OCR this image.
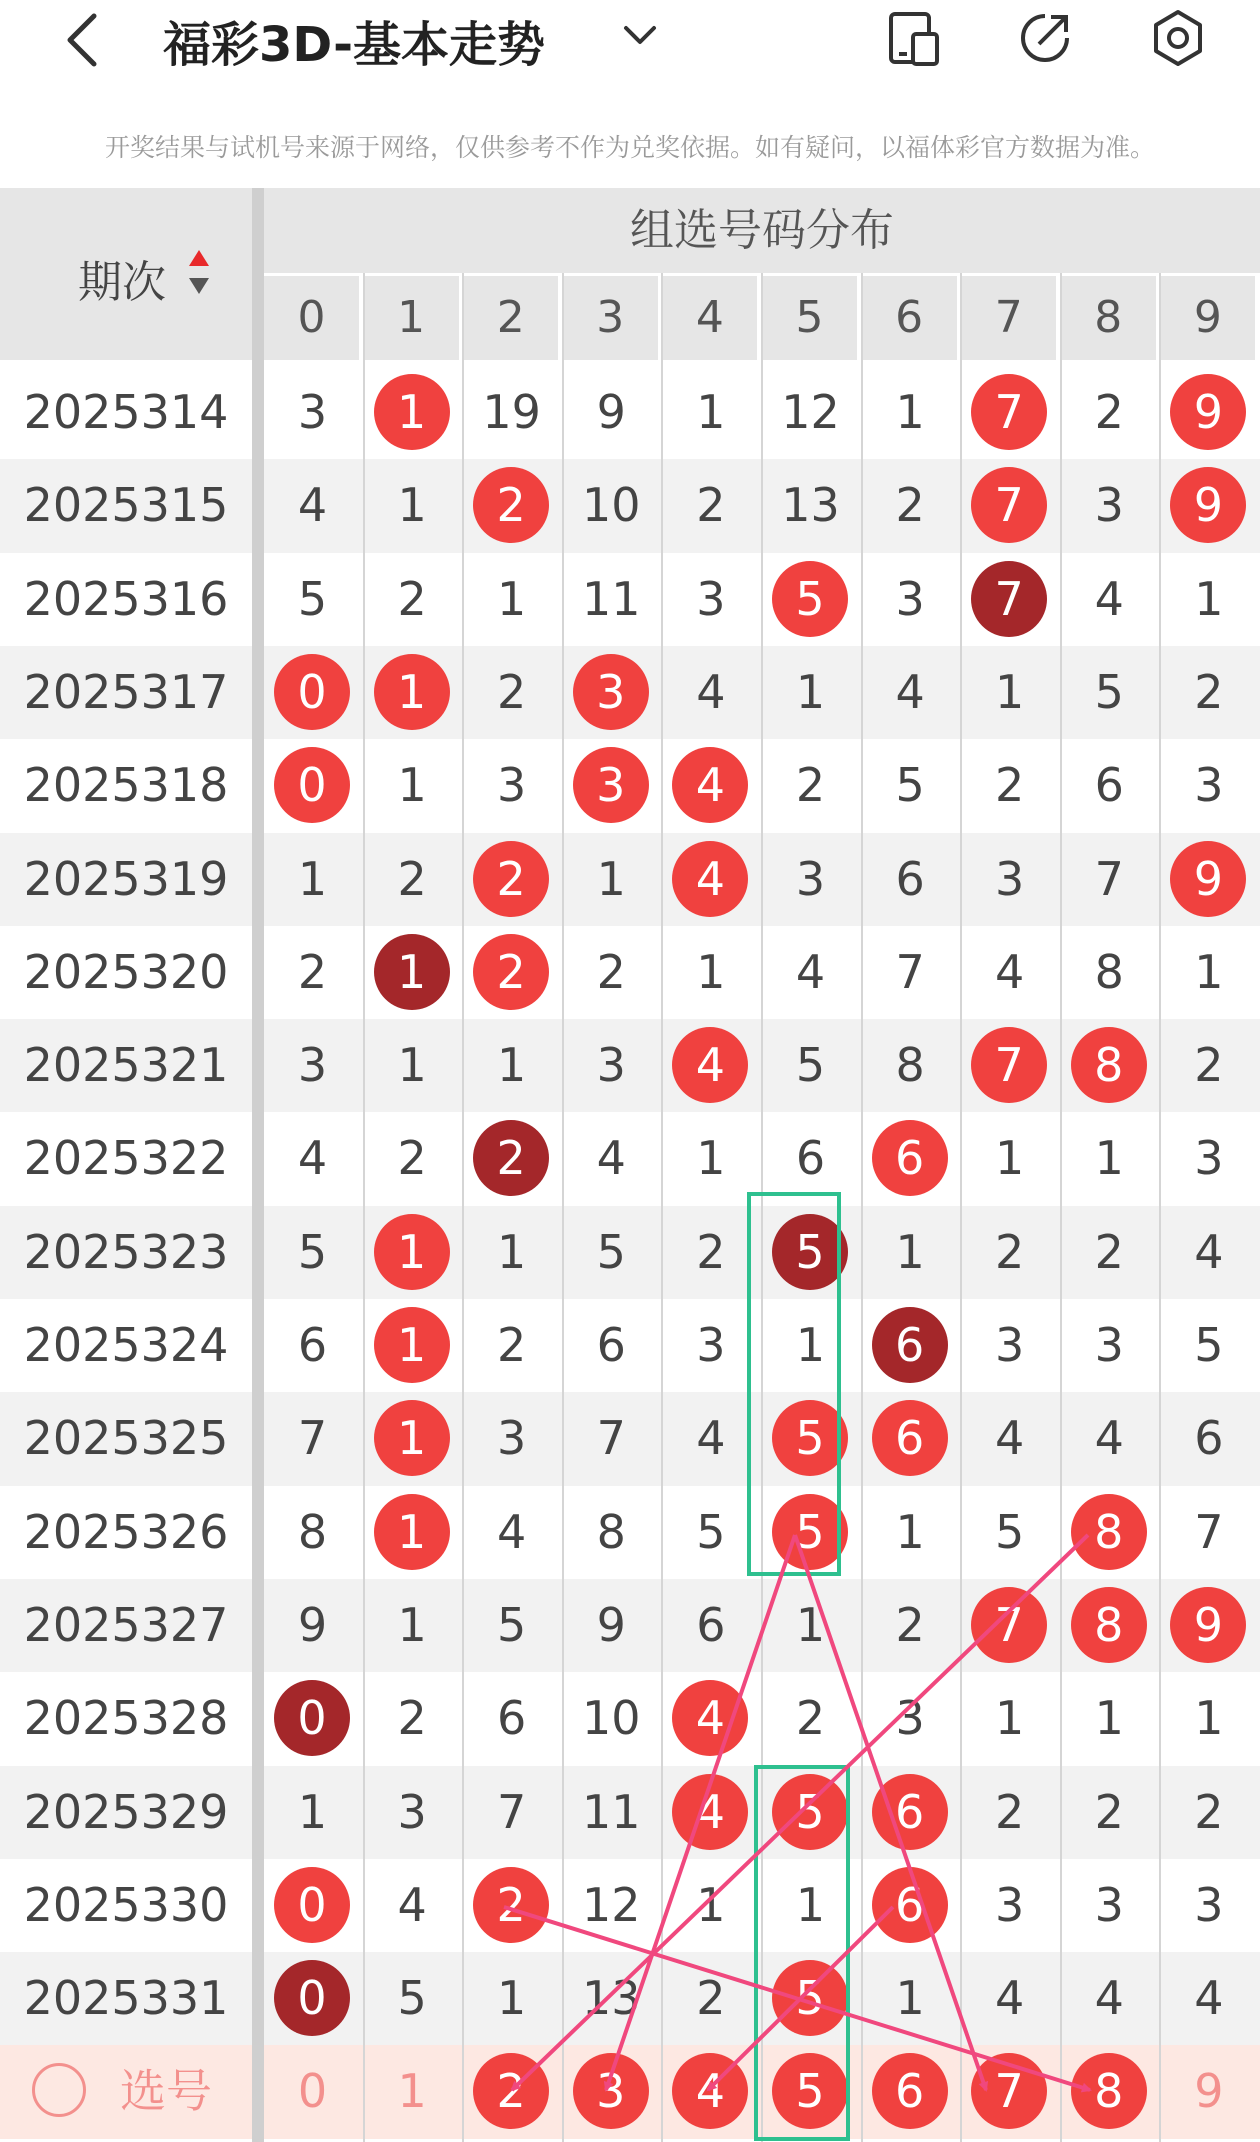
福彩3D-基本走势
开奖结果与试机号来源于网络，仅供参考不作为兑奖依据。如有疑问，以福体彩官方数据为准。
期次
组选号码分布
0	1	2	3	4	5	6	7	8	9
2025314	3	1	19	9	1	12	1	7	2	9
2025315	4	1	2	10	2	13	2	7	3	9
2025316	5	2	1	11	3	5	3	7	4	1
2025317	0	1	2	3	4	1	4	1	5	2
2025318	0	1	3	3	4	2	5	2	6	3
2025319	1	2	2	1	4	3	6	3	7	9
2025320	2	1	2	2	1	4	7	4	8	1
2025321	3	1	1	3	4	5	8	7	8	2
2025322	4	2	2	4	1	6	6	1	1	3
2025323	5	1	1	5	2	5	1	2	2	4
2025324	6	1	2	6	3	1	6	3	3	5
2025325	7	1	3	7	4	5	6	4	4	6
2025326	8	1	4	8	5	5	1	5	8	7
2025327	9	1	5	9	6	1	2	7	8	9
2025328	0	2	6	10	4	2	3	1	1	1
2025329	1	3	7	11	4	5	6	2	2	2
2025330	0	4	2	12	1	1	6	3	3	3
2025331	0	5	1	13	2	5	1	4	4	4
选号	0	1	2	3	4	5	6	7	8	9
